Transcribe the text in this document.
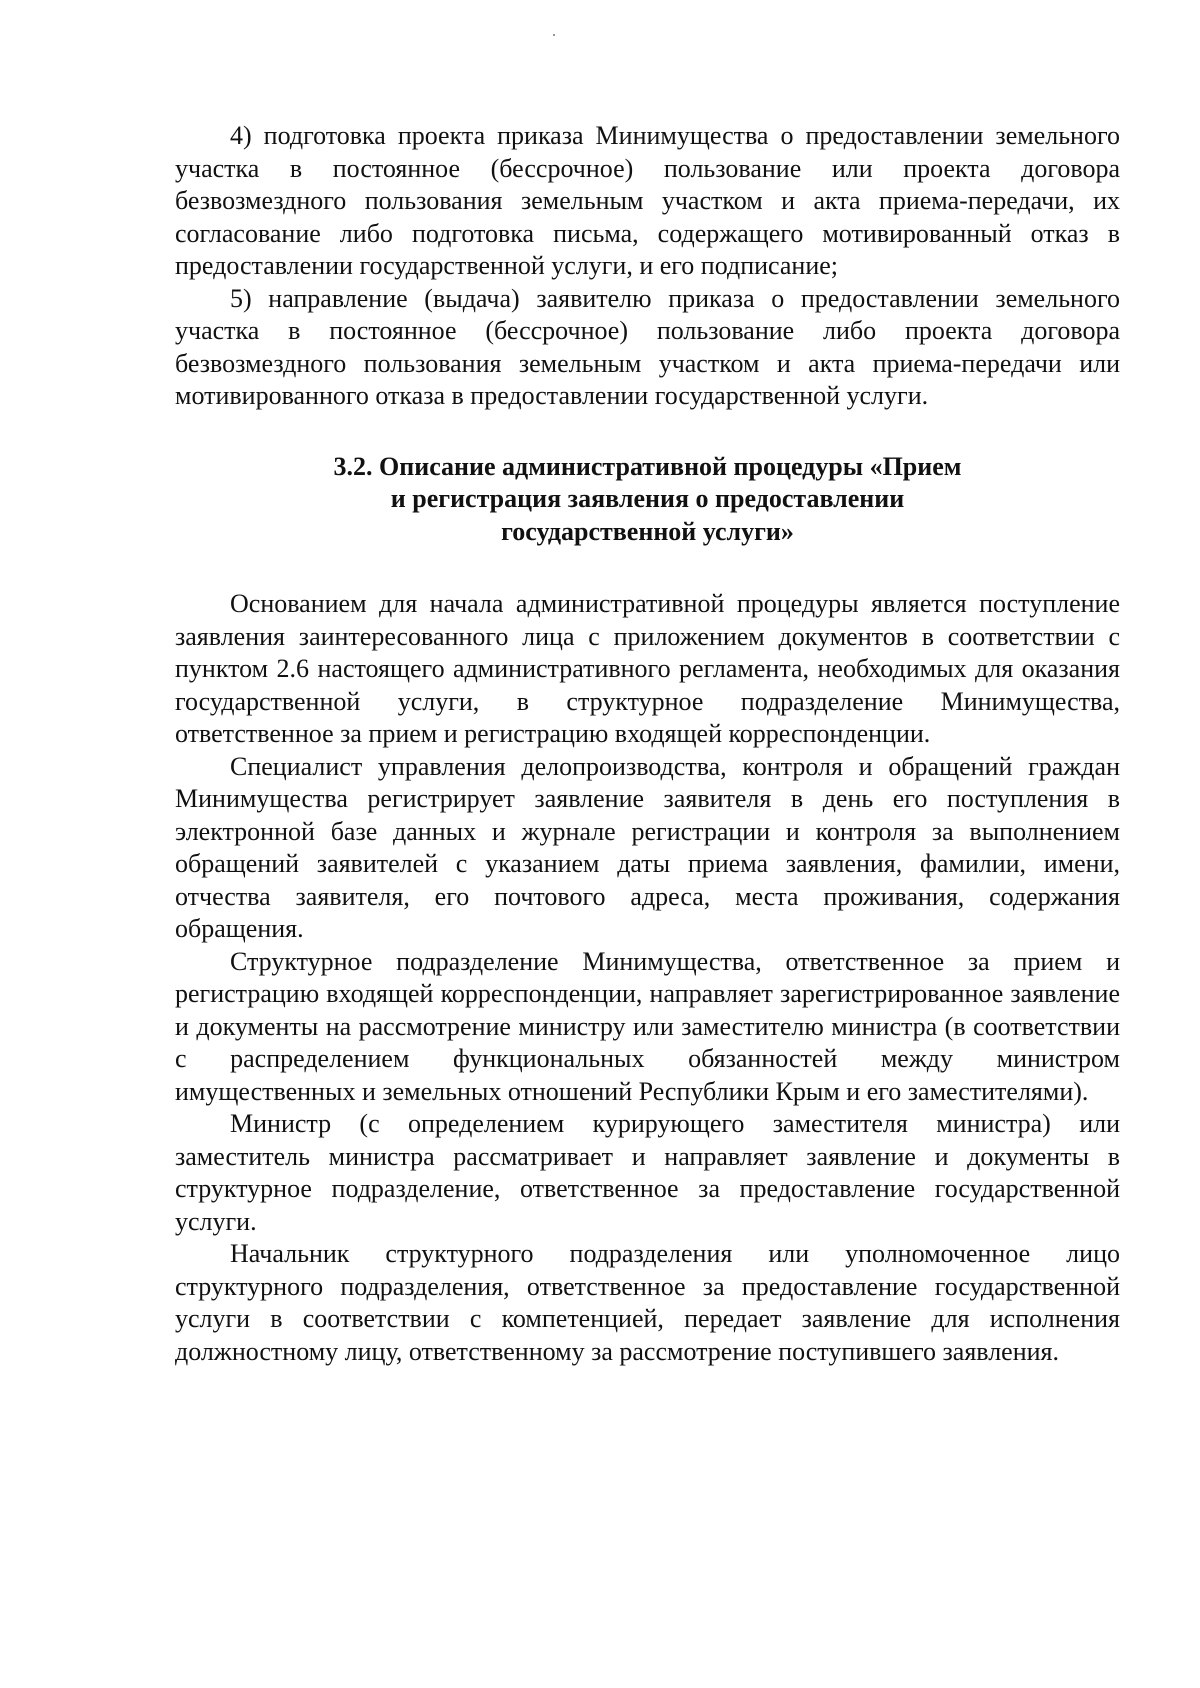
4) подготовка проекта приказа Минимущества о предоставлении земельного участка в постоянное (бессрочное) пользование или проекта договора безвозмездного пользования земельным участком и акта приема-передачи, их согласование либо подготовка письма, содержащего мотивированный отказ в предоставлении государственной услуги, и его подписание;

5) направление (выдача) заявителю приказа о предоставлении земельного участка в постоянное (бессрочное) пользование либо проекта договора безвозмездного пользования земельным участком и акта приема-передачи или мотивированного отказа в предоставлении государственной услуги.

3.2. Описание административной процедуры «Прием
и регистрация заявления о предоставлении
государственной услуги»

Основанием для начала административной процедуры является поступление заявления заинтересованного лица с приложением документов в соответствии с пунктом 2.6 настоящего административного регламента, необходимых для оказания государственной услуги, в структурное подразделение Минимущества, ответственное за прием и регистрацию входящей корреспонденции.

Специалист управления делопроизводства, контроля и обращений граждан Минимущества регистрирует заявление заявителя в день его поступления в электронной базе данных и журнале регистрации и контроля за выполнением обращений заявителей с указанием даты приема заявления, фамилии, имени, отчества заявителя, его почтового адреса, места проживания, содержания обращения.

Структурное подразделение Минимущества, ответственное за прием и регистрацию входящей корреспонденции, направляет зарегистрированное заявление и документы на рассмотрение министру или заместителю министра (в соответствии с распределением функциональных обязанностей между министром имущественных и земельных отношений Республики Крым и его заместителями).

Министр (с определением курирующего заместителя министра) или заместитель министра рассматривает и направляет заявление и документы в структурное подразделение, ответственное за предоставление государственной услуги.

Начальник структурного подразделения или уполномоченное лицо структурного подразделения, ответственное за предоставление государственной услуги в соответствии с компетенцией, передает заявление для исполнения должностному лицу, ответственному за рассмотрение поступившего заявления.
